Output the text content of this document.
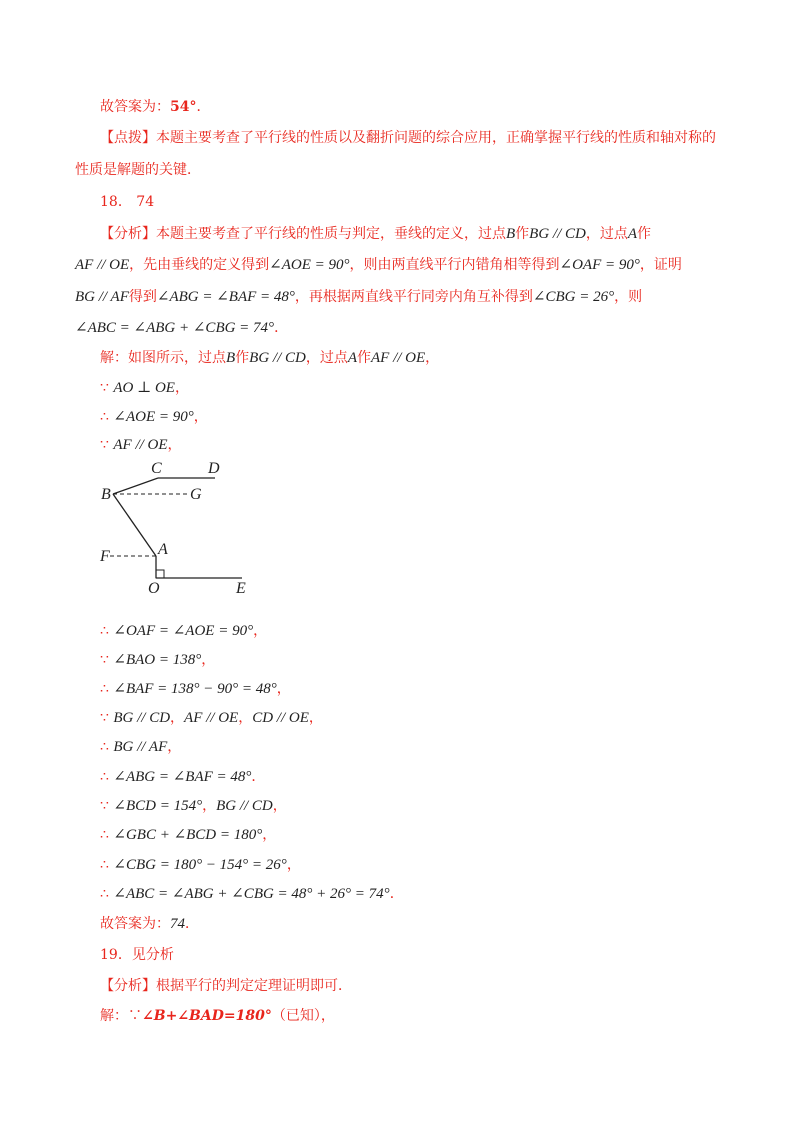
故答案为：54°．
【点拨】本题主要考查了平行线的性质以及翻折问题的综合应用，正确掌握平行线的性质和轴对称的
性质是解题的关键．
18． 74
【分析】本题主要考查了平行线的性质与判定，垂线的定义，过点B作BG // CD，过点A作
AF // OE，先由垂线的定义得到∠AOE = 90°，则由两直线平行内错角相等得到∠OAF = 90°，证明
BG // AF得到∠ABG = ∠BAF = 48°，再根据两直线平行同旁内角互补得到∠CBG = 26°，则
∠ABC = ∠ABG + ∠CBG = 74°．
解：如图所示，过点B作BG // CD，过点A作AF // OE，
∵ AO ⊥ OE，
∴ ∠AOE = 90°，
∵ AF // OE，
C	D
B	G
F	A
O	E
∴ ∠OAF = ∠AOE = 90°，
∵ ∠BAO = 138°，
∴ ∠BAF = 138° − 90° = 48°，
∵ BG // CD，AF // OE，CD // OE，
∴ BG // AF，
∴ ∠ABG = ∠BAF = 48°．
∵ ∠BCD = 154°，BG // CD，
∴ ∠GBC + ∠BCD = 180°，
∴ ∠CBG = 180° − 154° = 26°，
∴ ∠ABC = ∠ABG + ∠CBG = 48° + 26° = 74°．
故答案为：74．
19．见分析
【分析】根据平行的判定定理证明即可．
解：∵∠B+∠BAD=180°（已知），
